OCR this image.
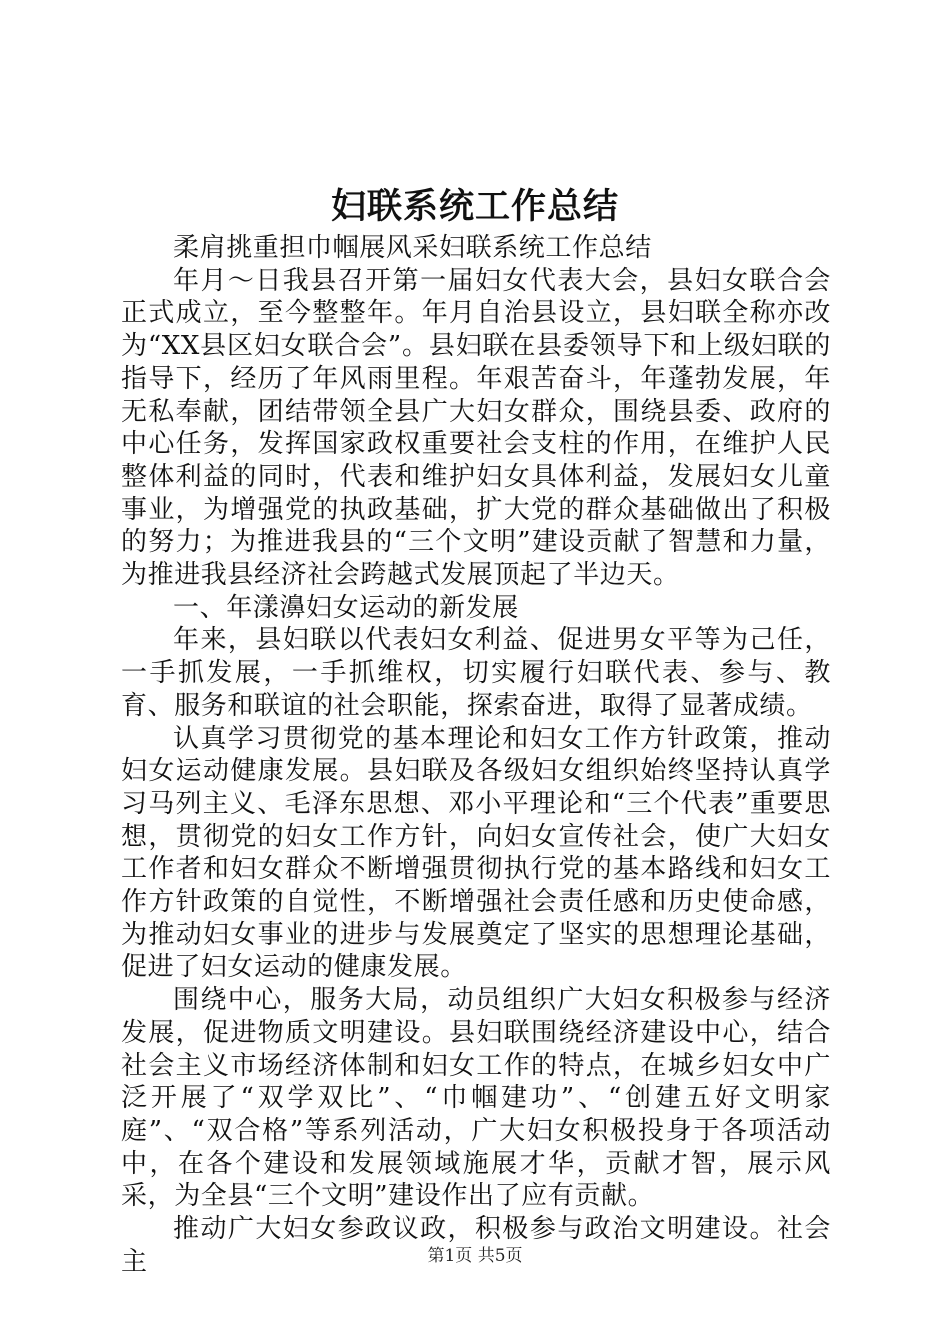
妇联系统工作总结

柔肩挑重担巾帼展风采妇联系统工作总结

年月～日我县召开第一届妇女代表大会，县妇女联合会正式成立，至今整整年。年月自治县设立，县妇联全称亦改为“XX县区妇女联合会”。县妇联在县委领导下和上级妇联的指导下，经历了年风雨里程。年艰苦奋斗，年蓬勃发展，年无私奉献，团结带领全县广大妇女群众，围绕县委、政府的中心任务，发挥国家政权重要社会支柱的作用，在维护人民整体利益的同时，代表和维护妇女具体利益，发展妇女儿童事业，为增强党的执政基础，扩大党的群众基础做出了积极的努力；为推进我县的“三个文明”建设贡献了智慧和力量，为推进我县经济社会跨越式发展顶起了半边天。

一、年漾濞妇女运动的新发展

年来，县妇联以代表妇女利益、促进男女平等为己任，一手抓发展，一手抓维权，切实履行妇联代表、参与、教育、服务和联谊的社会职能，探索奋进，取得了显著成绩。

认真学习贯彻党的基本理论和妇女工作方针政策，推动妇女运动健康发展。县妇联及各级妇女组织始终坚持认真学习马列主义、毛泽东思想、邓小平理论和“三个代表”重要思想，贯彻党的妇女工作方针，向妇女宣传社会，使广大妇女工作者和妇女群众不断增强贯彻执行党的基本路线和妇女工作方针政策的自觉性，不断增强社会责任感和历史使命感，为推动妇女事业的进步与发展奠定了坚实的思想理论基础，促进了妇女运动的健康发展。

围绕中心，服务大局，动员组织广大妇女积极参与经济发展，促进物质文明建设。县妇联围绕经济建设中心，结合社会主义市场经济体制和妇女工作的特点，在城乡妇女中广泛开展了“双学双比”、“巾帼建功”、“创建五好文明家庭”、“双合格”等系列活动，广大妇女积极投身于各项活动中，在各个建设和发展领域施展才华，贡献才智，展示风采，为全县“三个文明”建设作出了应有贡献。

推动广大妇女参政议政，积极参与政治文明建设。社会主	第1页 共5页
